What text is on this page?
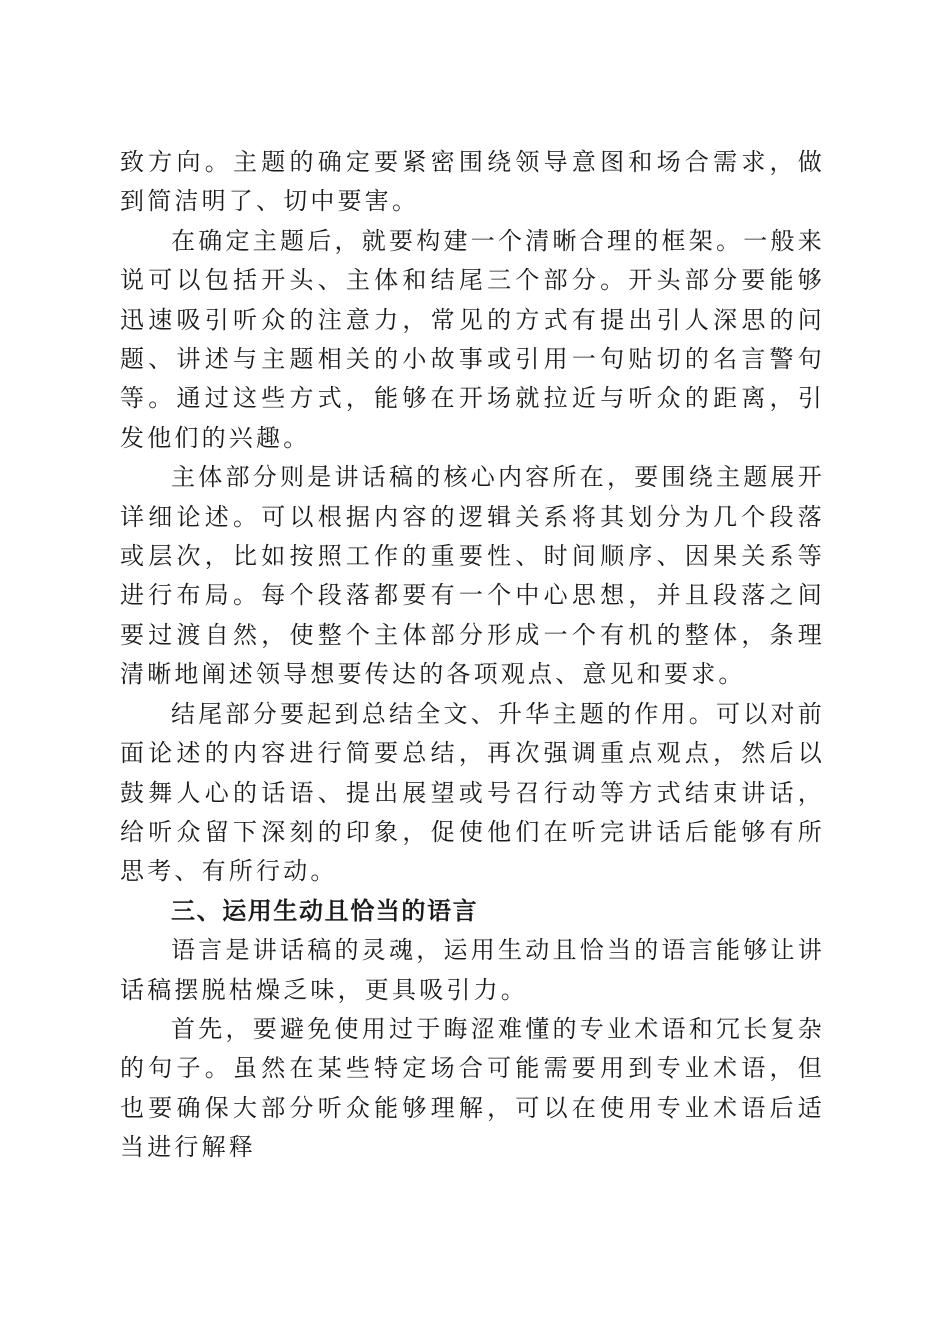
致方向。主题的确定要紧密围绕领导意图和场合需求，做到简洁明了、切中要害。

在确定主题后，就要构建一个清晰合理的框架。一般来说可以包括开头、主体和结尾三个部分。开头部分要能够迅速吸引听众的注意力，常见的方式有提出引人深思的问题、讲述与主题相关的小故事或引用一句贴切的名言警句等。通过这些方式，能够在开场就拉近与听众的距离，引发他们的兴趣。

主体部分则是讲话稿的核心内容所在，要围绕主题展开详细论述。可以根据内容的逻辑关系将其划分为几个段落或层次，比如按照工作的重要性、时间顺序、因果关系等进行布局。每个段落都要有一个中心思想，并且段落之间要过渡自然，使整个主体部分形成一个有机的整体，条理清晰地阐述领导想要传达的各项观点、意见和要求。

结尾部分要起到总结全文、升华主题的作用。可以对前面论述的内容进行简要总结，再次强调重点观点，然后以鼓舞人心的话语、提出展望或号召行动等方式结束讲话，给听众留下深刻的印象，促使他们在听完讲话后能够有所思考、有所行动。

三、运用生动且恰当的语言

语言是讲话稿的灵魂，运用生动且恰当的语言能够让讲话稿摆脱枯燥乏味，更具吸引力。

首先，要避免使用过于晦涩难懂的专业术语和冗长复杂的句子。虽然在某些特定场合可能需要用到专业术语，但也要确保大部分听众能够理解，可以在使用专业术语后适当进行解释
